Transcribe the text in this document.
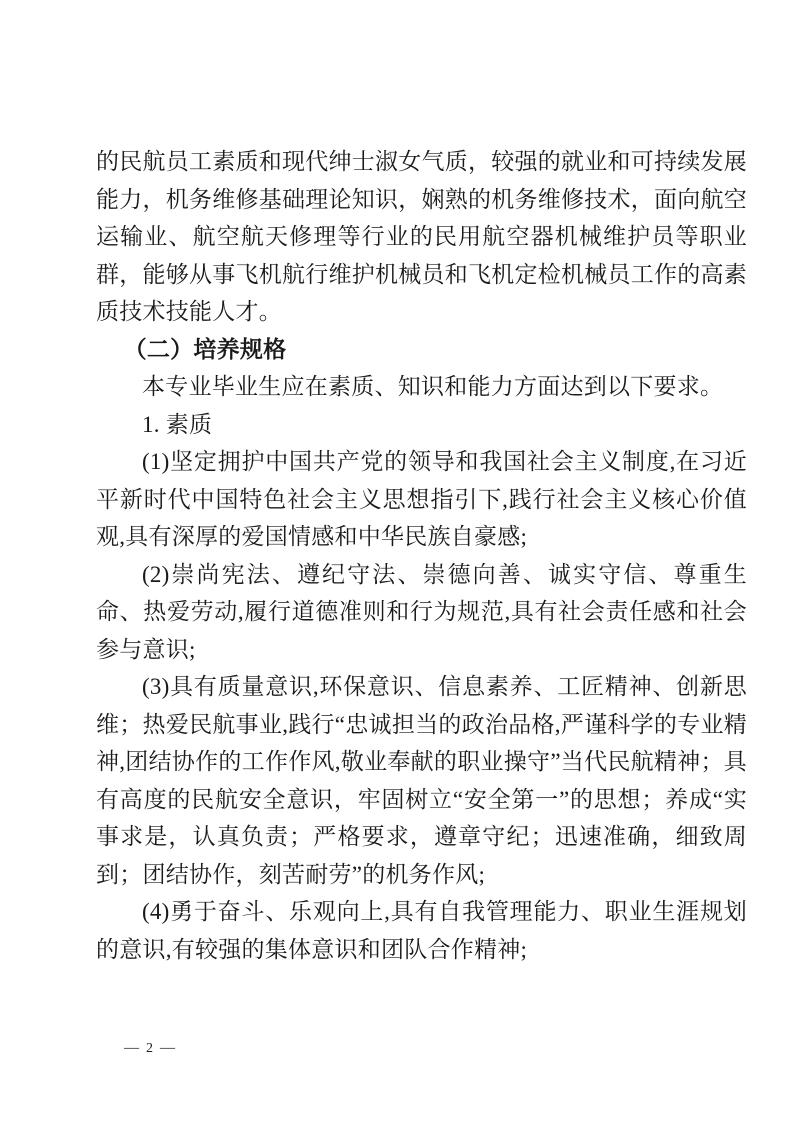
的民航员工素质和现代绅士淑女气质，较强的就业和可持续发展能力，机务维修基础理论知识，娴熟的机务维修技术，面向航空运输业、航空航天修理等行业的民用航空器机械维护员等职业群，能够从事飞机航行维护机械员和飞机定检机械员工作的高素质技术技能人才。

（二）培养规格

本专业毕业生应在素质、知识和能力方面达到以下要求。

1. 素质

(1)坚定拥护中国共产党的领导和我国社会主义制度,在习近平新时代中国特色社会主义思想指引下,践行社会主义核心价值观,具有深厚的爱国情感和中华民族自豪感;

(2)崇尚宪法、遵纪守法、崇德向善、诚实守信、尊重生命、热爱劳动,履行道德准则和行为规范,具有社会责任感和社会参与意识;

(3)具有质量意识,环保意识、信息素养、工匠精神、创新思维；热爱民航事业,践行“忠诚担当的政治品格,严谨科学的专业精神,团结协作的工作作风,敬业奉献的职业操守”当代民航精神；具有高度的民航安全意识，牢固树立“安全第一”的思想；养成“实事求是，认真负责；严格要求，遵章守纪；迅速准确，细致周到；团结协作，刻苦耐劳”的机务作风;

(4)勇于奋斗、乐观向上,具有自我管理能力、职业生涯规划的意识,有较强的集体意识和团队合作精神;

— 2 —
